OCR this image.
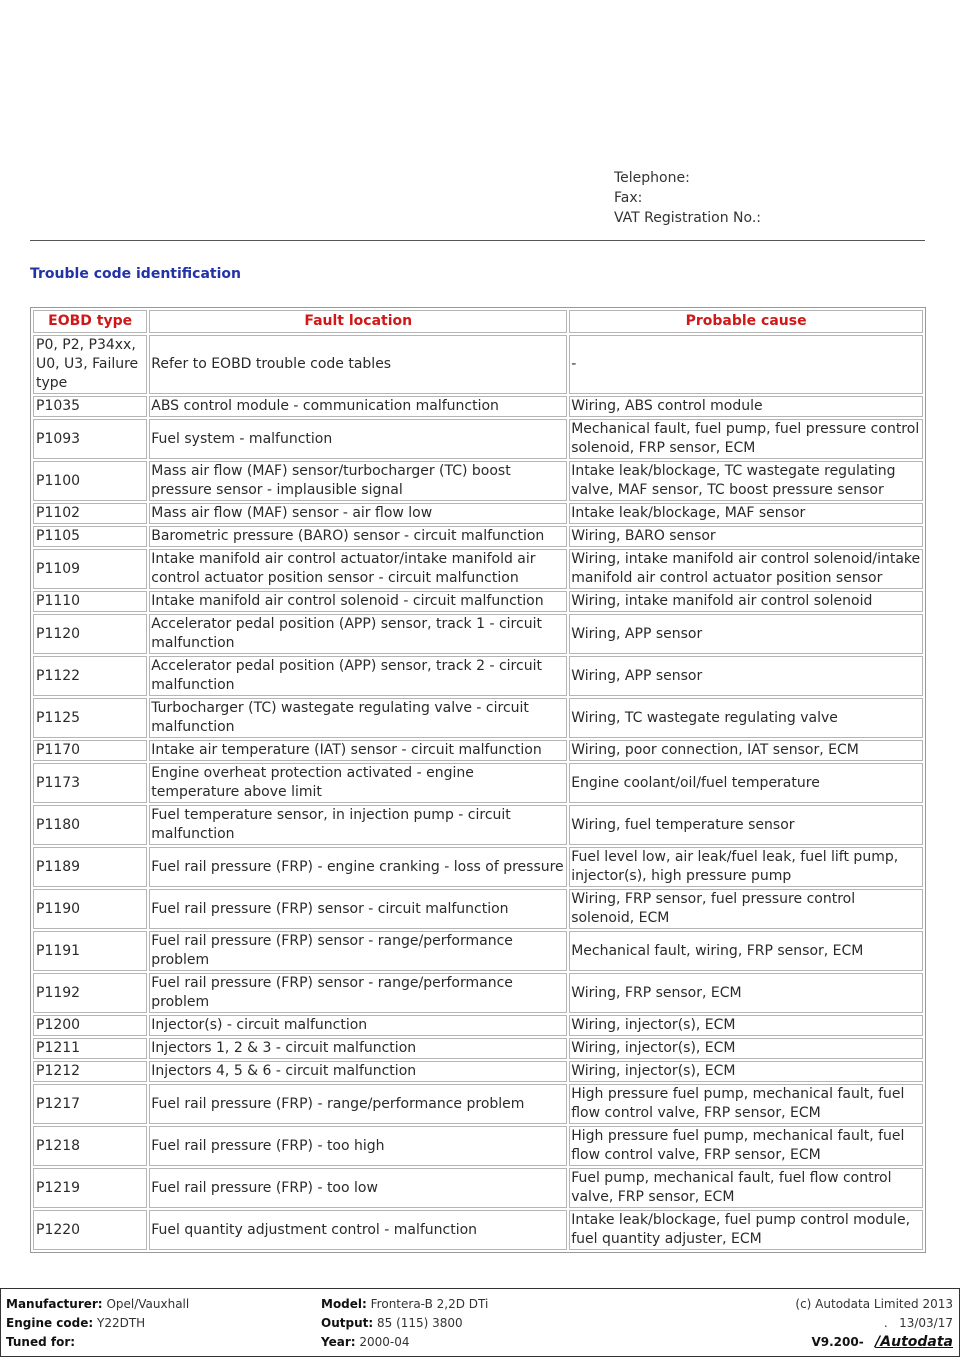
Telephone:
Fax:
VAT Registration No.:
Trouble code identification
EOBD type	Fault location	Probable cause
P0, P2, P34xx, U0, U3, Failure type	Refer to EOBD trouble code tables	-
P1035	ABS control module - communication malfunction	Wiring, ABS control module
P1093	Fuel system - malfunction	Mechanical fault, fuel pump, fuel pressure control solenoid, FRP sensor, ECM
P1100	Mass air flow (MAF) sensor/turbocharger (TC) boost pressure sensor - implausible signal	Intake leak/blockage, TC wastegate regulating valve, MAF sensor, TC boost pressure sensor
P1102	Mass air flow (MAF) sensor - air flow low	Intake leak/blockage, MAF sensor
P1105	Barometric pressure (BARO) sensor - circuit malfunction	Wiring, BARO sensor
P1109	Intake manifold air control actuator/intake manifold air control actuator position sensor - circuit malfunction	Wiring, intake manifold air control solenoid/intake manifold air control actuator position sensor
P1110	Intake manifold air control solenoid - circuit malfunction	Wiring, intake manifold air control solenoid
P1120	Accelerator pedal position (APP) sensor, track 1 - circuit malfunction	Wiring, APP sensor
P1122	Accelerator pedal position (APP) sensor, track 2 - circuit malfunction	Wiring, APP sensor
P1125	Turbocharger (TC) wastegate regulating valve - circuit malfunction	Wiring, TC wastegate regulating valve
P1170	Intake air temperature (IAT) sensor - circuit malfunction	Wiring, poor connection, IAT sensor, ECM
P1173	Engine overheat protection activated - engine temperature above limit	Engine coolant/oil/fuel temperature
P1180	Fuel temperature sensor, in injection pump - circuit malfunction	Wiring, fuel temperature sensor
P1189	Fuel rail pressure (FRP) - engine cranking - loss of pressure	Fuel level low, air leak/fuel leak, fuel lift pump, injector(s), high pressure pump
P1190	Fuel rail pressure (FRP) sensor - circuit malfunction	Wiring, FRP sensor, fuel pressure control solenoid, ECM
P1191	Fuel rail pressure (FRP) sensor - range/performance problem	Mechanical fault, wiring, FRP sensor, ECM
P1192	Fuel rail pressure (FRP) sensor - range/performance problem	Wiring, FRP sensor, ECM
P1200	Injector(s) - circuit malfunction	Wiring, injector(s), ECM
P1211	Injectors 1, 2 & 3 - circuit malfunction	Wiring, injector(s), ECM
P1212	Injectors 4, 5 & 6 - circuit malfunction	Wiring, injector(s), ECM
P1217	Fuel rail pressure (FRP) - range/performance problem	High pressure fuel pump, mechanical fault, fuel flow control valve, FRP sensor, ECM
P1218	Fuel rail pressure (FRP) - too high	High pressure fuel pump, mechanical fault, fuel flow control valve, FRP sensor, ECM
P1219	Fuel rail pressure (FRP) - too low	Fuel pump, mechanical fault, fuel flow control valve, FRP sensor, ECM
P1220	Fuel quantity adjustment control - malfunction	Intake leak/blockage, fuel pump control module, fuel quantity adjuster, ECM
Manufacturer: Opel/Vauxhall
Engine code: Y22DTH
Tuned for:
Model: Frontera-B 2,2D DTi
Output: 85 (115) 3800
Year: 2000-04
(c) Autodata Limited 2013
.   13/03/17
V9.200- /Autodata
